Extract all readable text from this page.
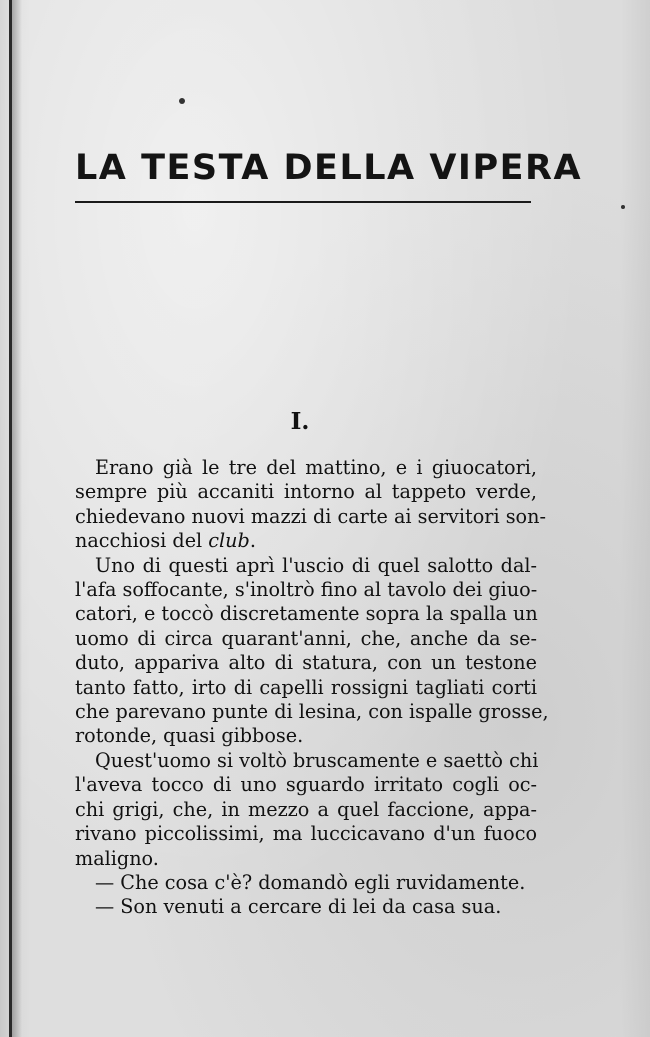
LA TESTA DELLA VIPERA
I.
Erano già le tre del mattino, e i giuocatori,
sempre più accaniti intorno al tappeto verde,
chiedevano nuovi mazzi di carte ai servitori son-
nacchiosi del club.
Uno di questi aprì l'uscio di quel salotto dal-
l'afa soffocante, s'inoltrò fino al tavolo dei giuo-
catori, e toccò discretamente sopra la spalla un
uomo di circa quarant'anni, che, anche da se-
duto, appariva alto di statura, con un testone
tanto fatto, irto di capelli rossigni tagliati corti
che parevano punte di lesina, con ispalle grosse,
rotonde, quasi gibbose.
Quest'uomo si voltò bruscamente e saettò chi
l'aveva tocco di uno sguardo irritato cogli oc-
chi grigi, che, in mezzo a quel faccione, appa-
rivano piccolissimi, ma luccicavano d'un fuoco
maligno.
— Che cosa c'è? domandò egli ruvidamente.
— Son venuti a cercare di lei da casa sua.
